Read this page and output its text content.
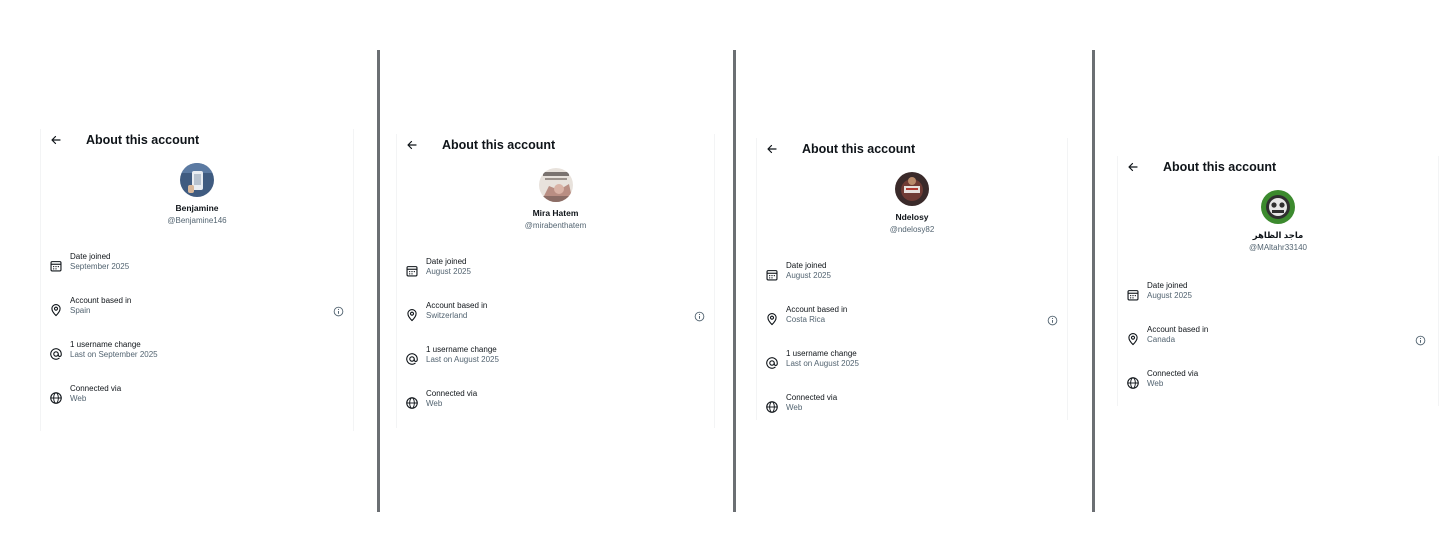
About this account
Benjamine
@Benjamine146
Date joined
September 2025
Account based in
Spain
1 username change
Last on September 2025
Connected via
Web
About this account
Mira Hatem
@mirabenthatem
Date joined
August 2025
Account based in
Switzerland
1 username change
Last on August 2025
Connected via
Web
About this account
Ndelosy
@ndelosy82
Date joined
August 2025
Account based in
Costa Rica
1 username change
Last on August 2025
Connected via
Web
About this account
ماجد الظاهر
@MAltahr33140
Date joined
August 2025
Account based in
Canada
Connected via
Web
